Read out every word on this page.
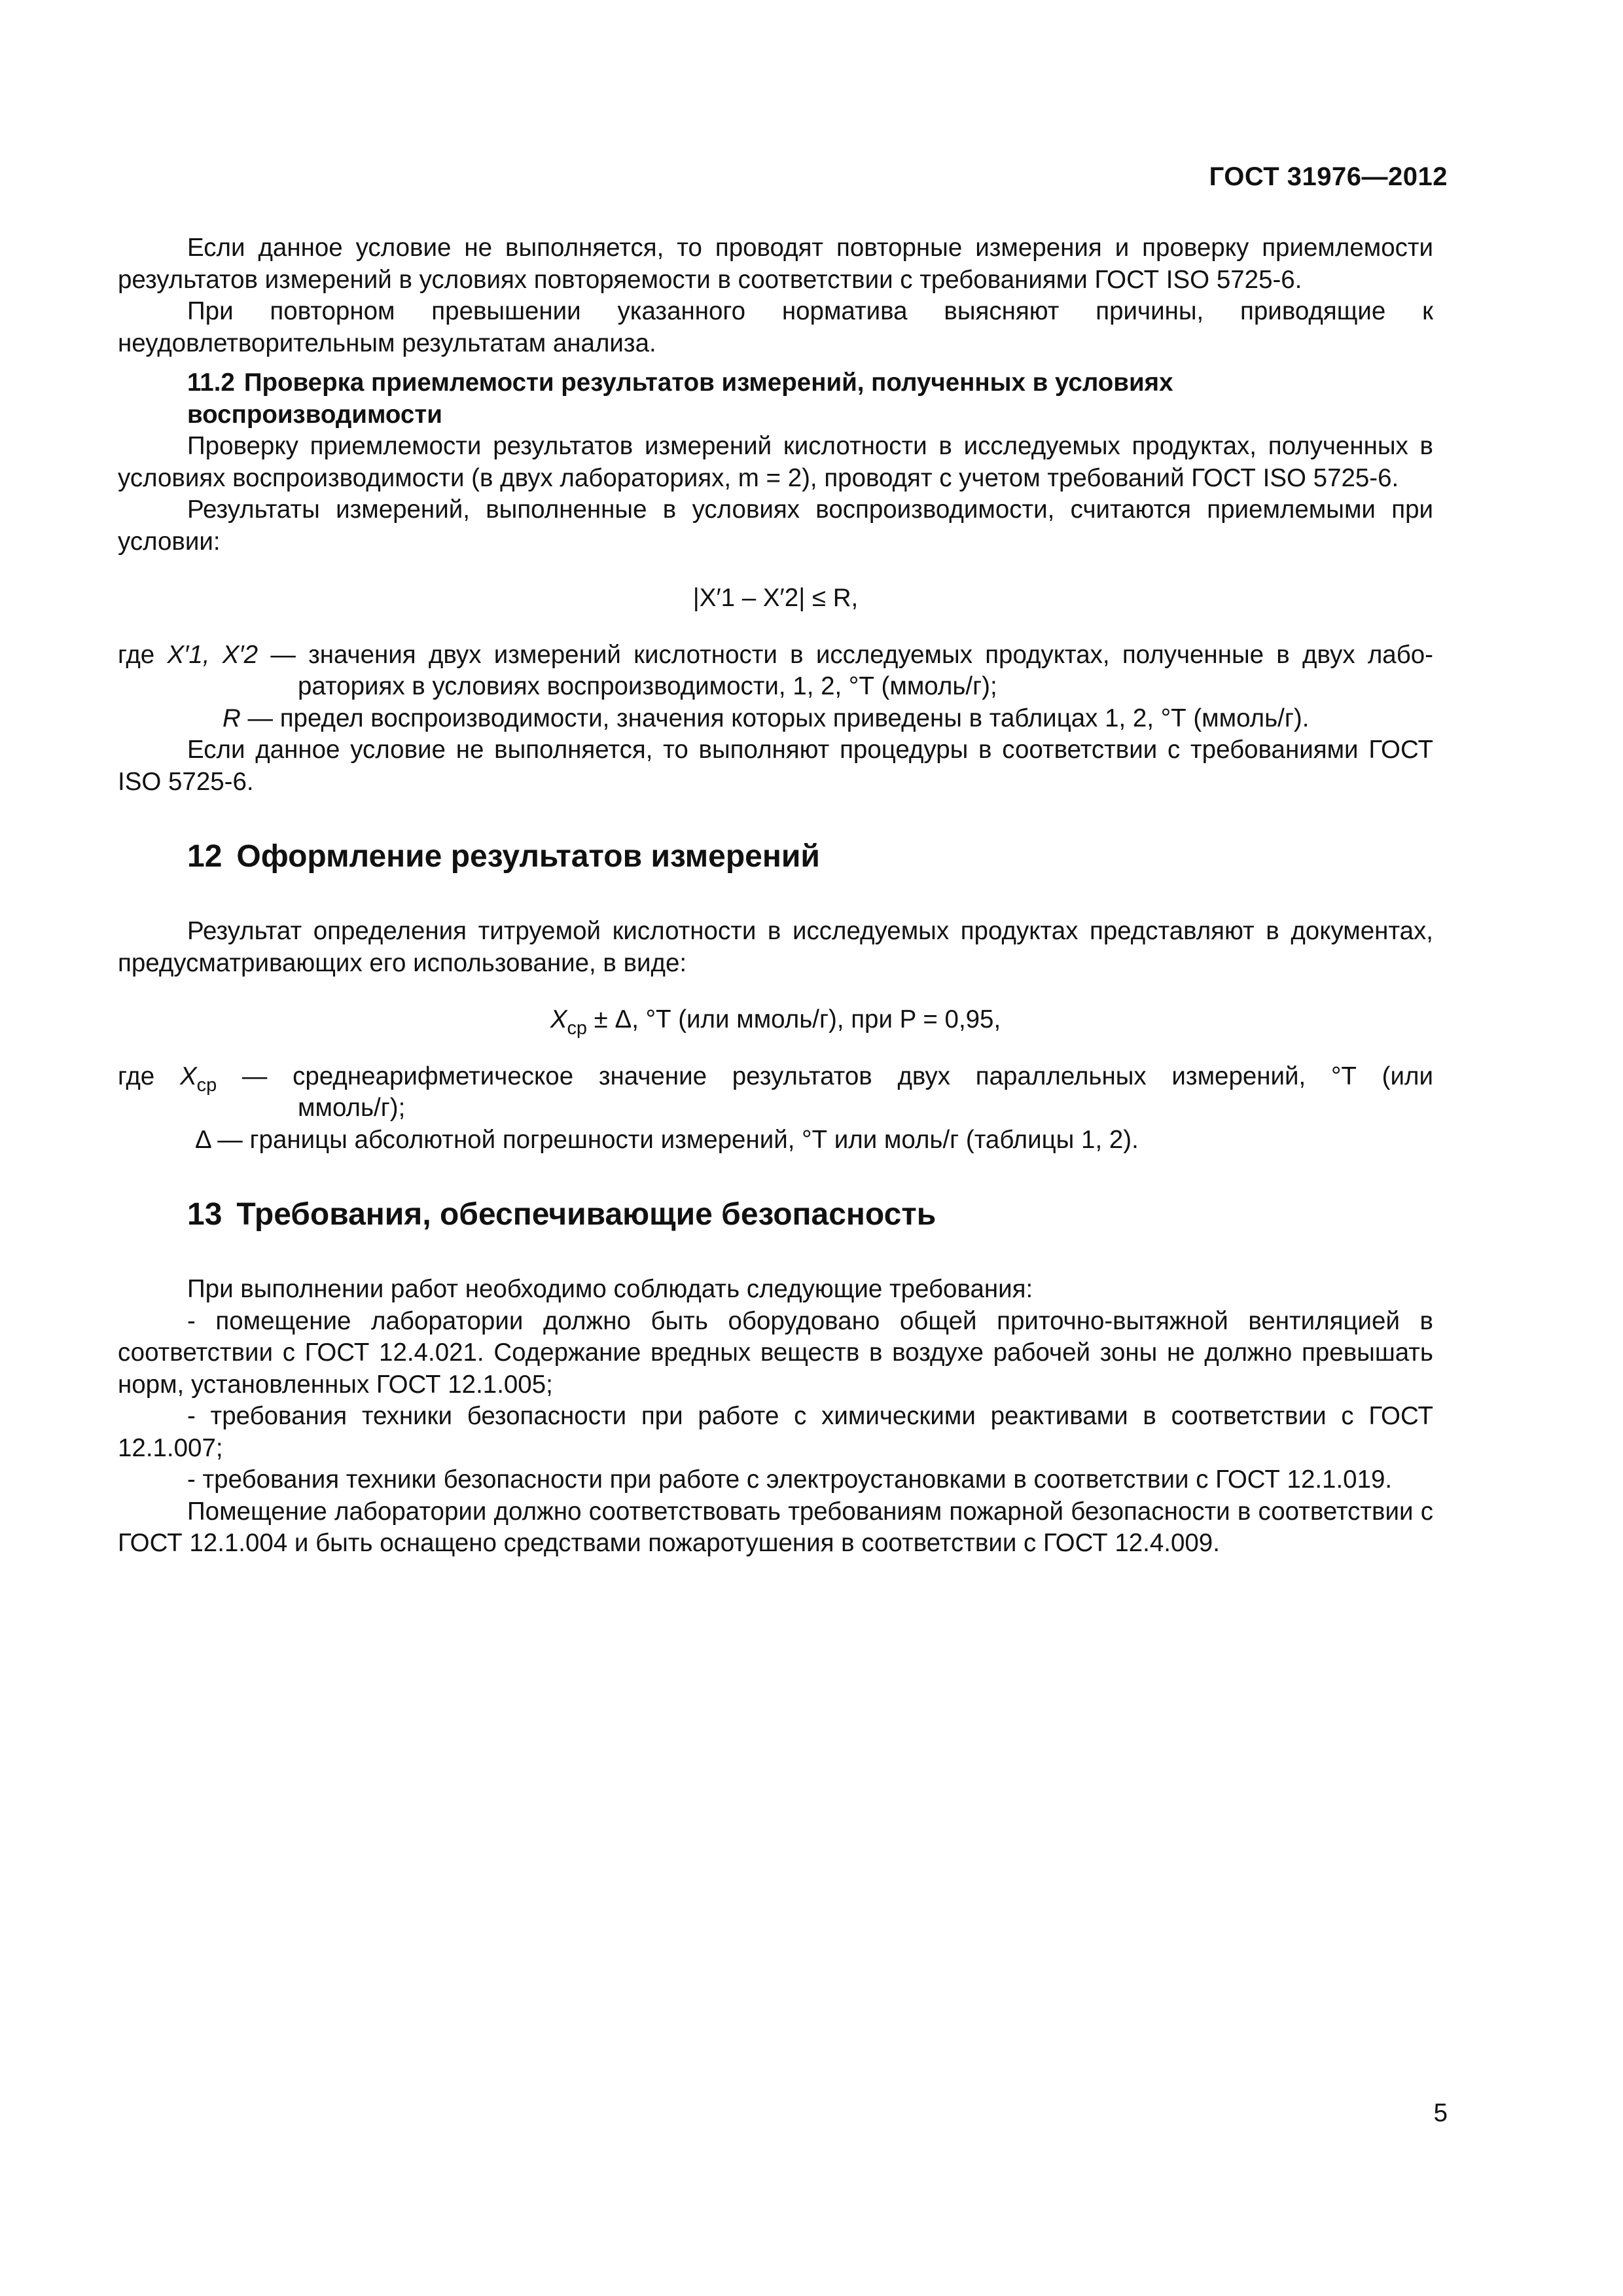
ГОСТ 31976—2012

Если данное условие не выполняется, то проводят повторные измерения и проверку приемлемости результатов измерений в условиях повторяемости в соответствии с требованиями ГОСТ ISO 5725-6.

При повторном превышении указанного норматива выясняют причины, приводящие к неудовлетворительным результатам анализа.

11.2 Проверка приемлемости результатов измерений, полученных в условиях
воспроизводимости

Проверку приемлемости результатов измерений кислотности в исследуемых продуктах, полученных в условиях воспроизводимости (в двух лабораториях, m = 2), проводят с учетом требований ГОСТ ISO 5725-6.

Результаты измерений, выполненные в условиях воспроизводимости, считаются приемлемыми при условии:

|X′1 – X′2| ≤ R,
где X′1, X′2 — значения двух измерений кислотности в исследуемых продуктах, полученные в двух лабо-
раториях в условиях воспроизводимости, 1, 2, °Т (ммоль/г);
R — предел воспроизводимости, значения которых приведены в таблицах 1, 2, °Т (ммоль/г).

Если данное условие не выполняется, то выполняют процедуры в соответствии с требованиями ГОСТ ISO 5725-6.

12 Оформление результатов измерений

Результат определения титруемой кислотности в исследуемых продуктах представляют в документах, предусматривающих его использование, в виде:

$X_{ср} \pm \Delta$, °Т (или ммоль/г), при P = 0,95,
где $X_{ср}$ — среднеарифметическое значение результатов двух параллельных измерений, °Т (или
ммоль/г);
Δ — границы абсолютной погрешности измерений, °Т или моль/г (таблицы 1, 2).
13 Требования, обеспечивающие безопасность

При выполнении работ необходимо соблюдать следующие требования:

- помещение лаборатории должно быть оборудовано общей приточно-вытяжной вентиляцией в соответствии с ГОСТ 12.4.021. Содержание вредных веществ в воздухе рабочей зоны не должно превышать норм, установленных ГОСТ 12.1.005;

- требования техники безопасности при работе с химическими реактивами в соответствии с ГОСТ 12.1.007;

- требования техники безопасности при работе с электроустановками в соответствии с ГОСТ 12.1.019.

Помещение лаборатории должно соответствовать требованиям пожарной безопасности в соответствии с ГОСТ 12.1.004 и быть оснащено средствами пожаротушения в соответствии с ГОСТ 12.4.009.

5
